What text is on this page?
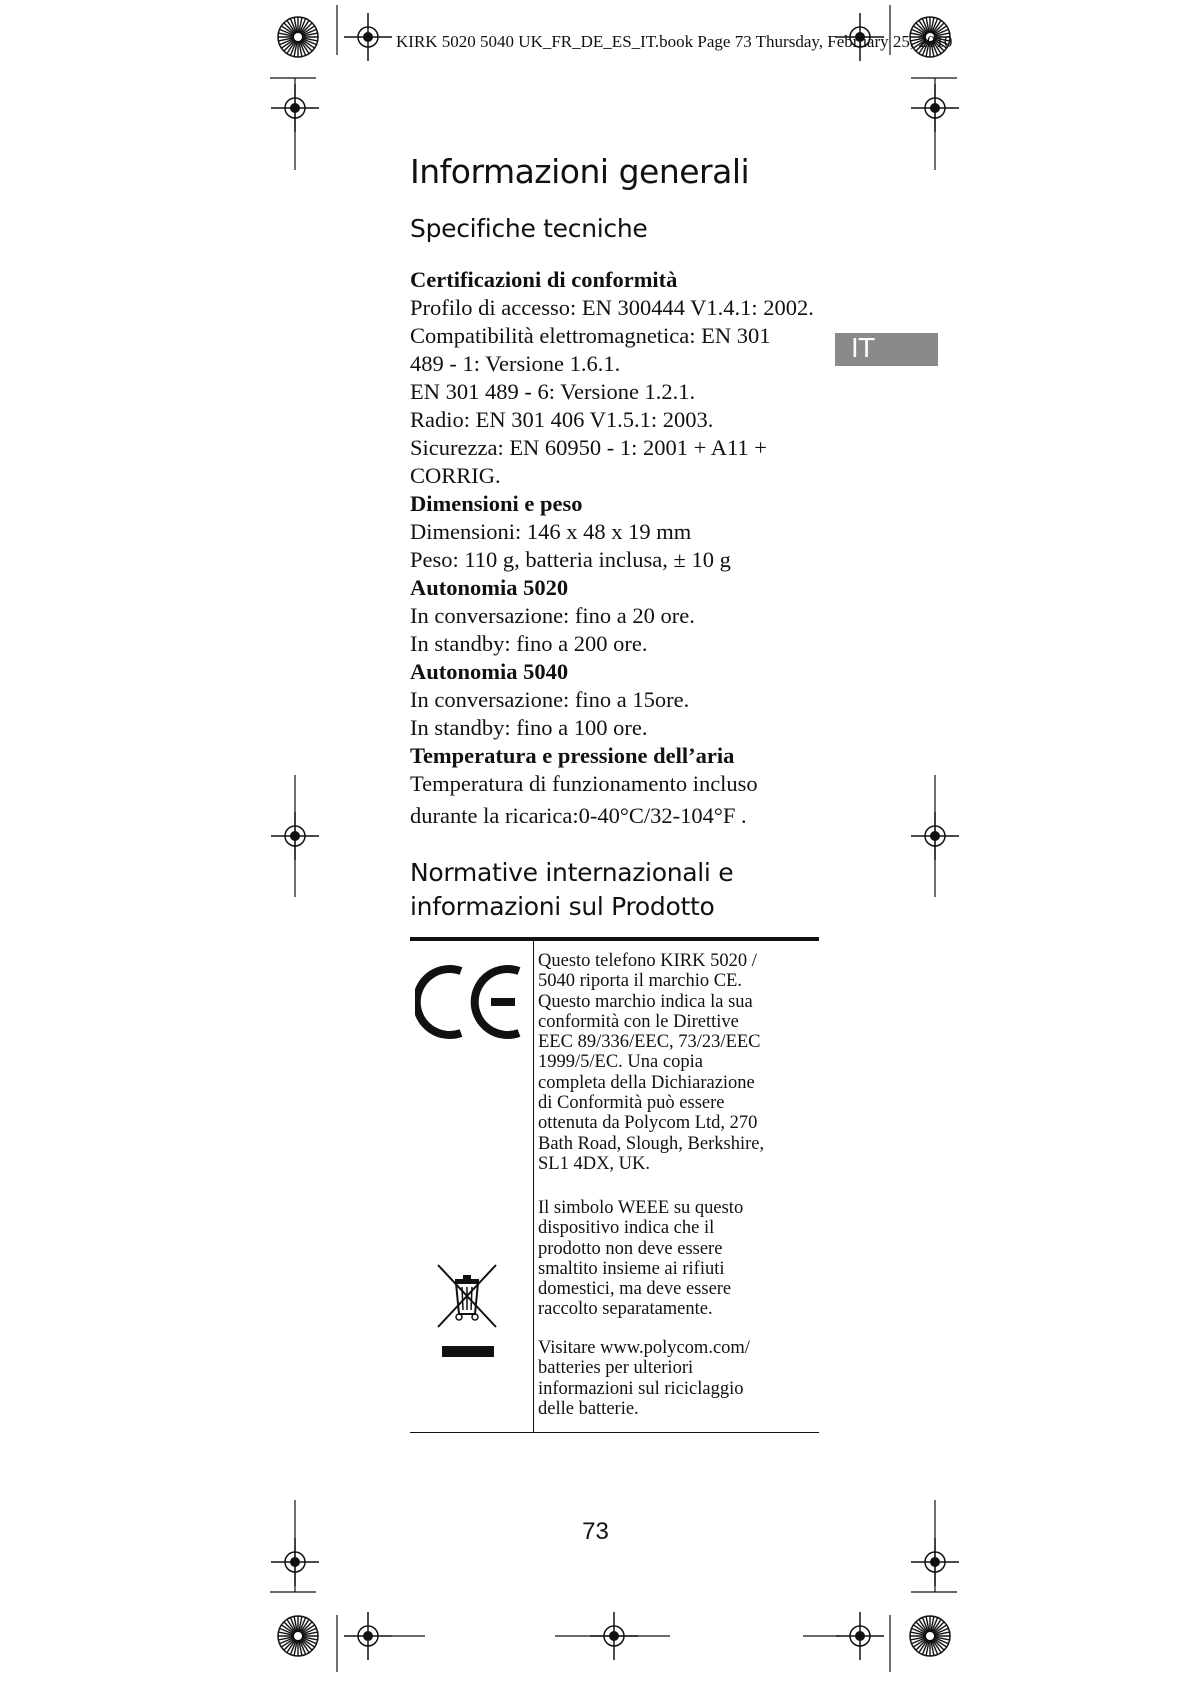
KIRK 5020 5040 UK_FR_DE_ES_IT.book Page 73 Thursday, February 25, 2010
Informazioni generali
Specifiche tecniche
IT
Certificazioni di conformità
Profilo di accesso: EN 300444 V1.4.1: 2002.
Compatibilità elettromagnetica: EN 301
489 - 1: Versione 1.6.1.
EN 301 489 - 6: Versione 1.2.1.
Radio: EN 301 406 V1.5.1: 2003.
Sicurezza: EN 60950 - 1: 2001 + A11 +
CORRIG.
Dimensioni e peso
Dimensioni: 146 x 48 x 19 mm
Peso: 110 g, batteria inclusa, ± 10 g
Autonomia 5020
In conversazione: fino a 20 ore.
In standby: fino a 200 ore.
Autonomia 5040
In conversazione: fino a 15ore.
In standby: fino a 100 ore.
Temperatura e pressione dell’aria
Temperatura di funzionamento incluso
durante la ricarica:0-40°C/32-104°F .
Normative internazionali e
informazioni sul Prodotto
Questo telefono KIRK 5020 /
5040 riporta il marchio CE.
Questo marchio indica la sua
conformità con le Direttive
EEC 89/336/EEC, 73/23/EEC
1999/5/EC. Una copia
completa della Dichiarazione
di Conformità può essere
ottenuta da Polycom Ltd, 270
Bath Road, Slough, Berkshire,
SL1 4DX, UK.
Il simbolo WEEE su questo
dispositivo indica che il
prodotto non deve essere
smaltito insieme ai rifiuti
domestici, ma deve essere
raccolto separatamente.
Visitare www.polycom.com/
batteries per ulteriori
informazioni sul riciclaggio
delle batterie.
73
